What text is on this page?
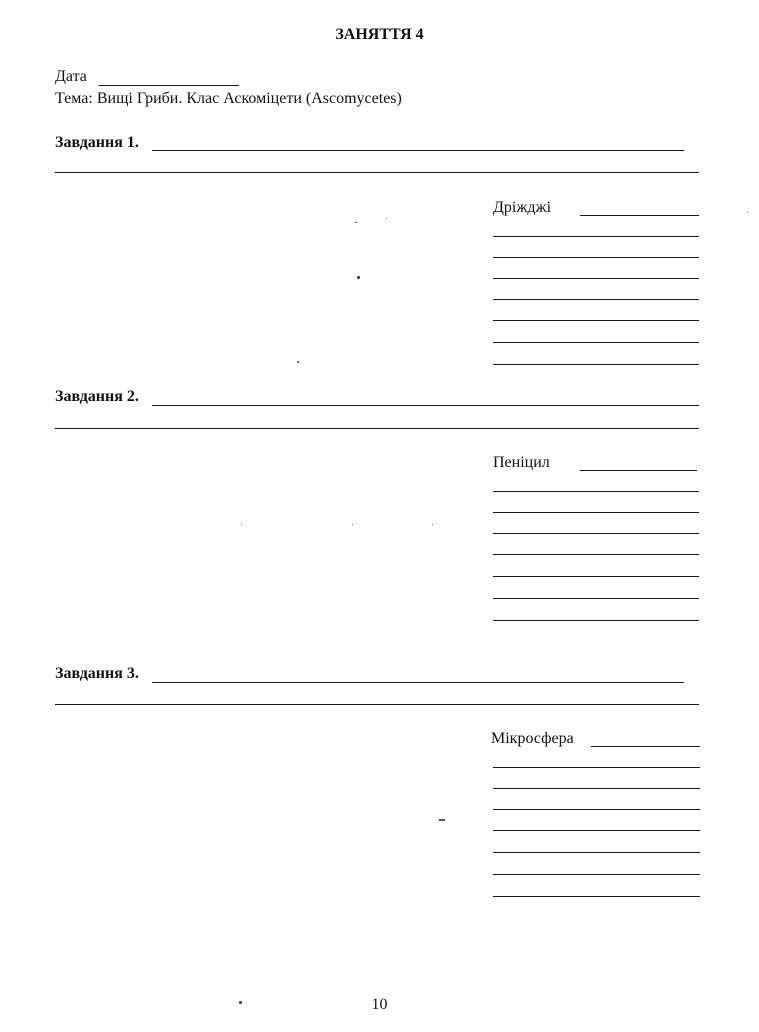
ЗАНЯТТЯ 4
Дата
Тема: Вищі Гриби. Клас Аскоміцети (Ascomycetes)
Завдання 1.
Дріжджі
Завдання 2.
Пеніцил
Завдання 3.
Мікросфера
10
